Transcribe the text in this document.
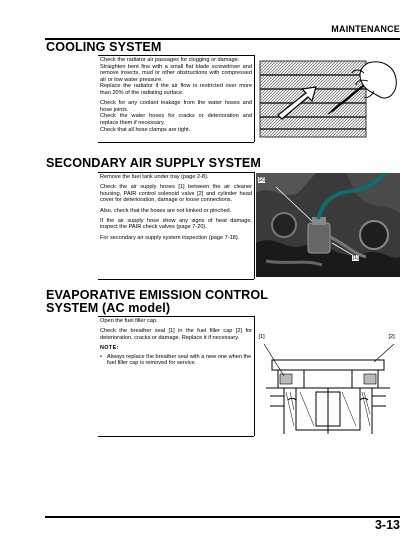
MAINTENANCE
COOLING SYSTEM

Check the radiator air passages for clogging or damage.

Straighten bent fins with a small flat blade screwdriver and remove insects, mud or other obstructions with compressed air or low water pressure.

Replace the radiator if the air flow is restricted over more than 20% of the radiating surface.

Check for any coolant leakage from the water hoses and hose joints.

Check the water hoses for cracks or deterioration and replace them if necessary.

Check that all hose clamps are tight.

SECONDARY AIR SUPPLY SYSTEM

Remove the fuel tank under tray (page 2-8).

Check the air supply hoses [1] between the air cleaner housing, PAIR control solenoid valve [2] and cylinder head cover for deterioration, damage or loose connections.

Also, check that the hoses are not kinked or pinched.

If the air supply hose show any signs of heat damage, inspect the PAIR check valves (page 7-20).

For secondary air supply system inspection (page 7-18).

[2]
[1]
EVAPORATIVE EMISSION CONTROL
SYSTEM (AC model)

Open the fuel filler cap.

Check the breather seal [1] in the fuel filler cap [2] for deterioration, cracks or damage. Replace it if necessary.

NOTE:
• Always replace the breather seal with a new one when the fuel filler cap is removed for service.
[1]	[2]
3-13
